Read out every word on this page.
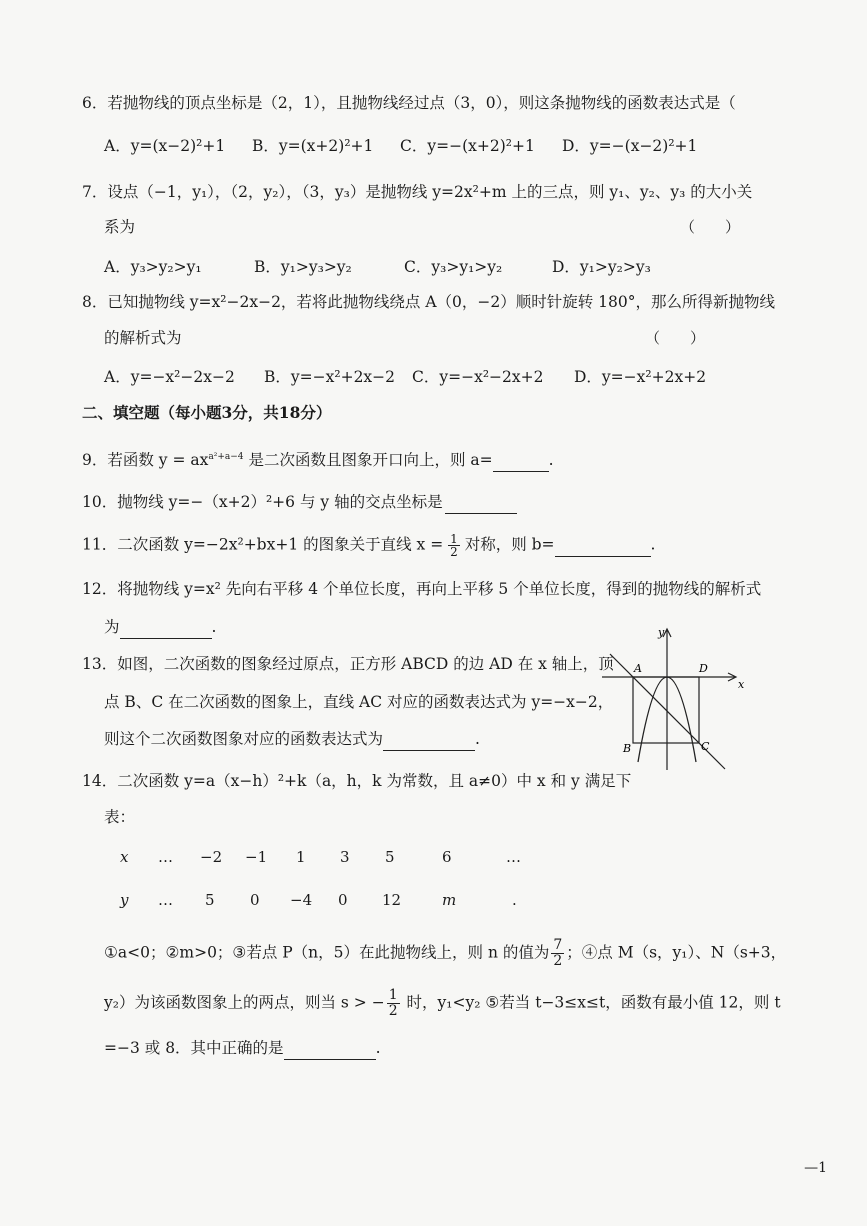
6．若抛物线的顶点坐标是（2，1），且抛物线经过点（3，0），则这条抛物线的函数表达式是（
A．y=(x−2)²+1	B．y=(x+2)²+1	C．y=−(x+2)²+1	D．y=−(x−2)²+1
7．设点（−1，y₁），（2，y₂），（3，y₃）是抛物线 y=2x²+m 上的三点，则 y₁、y₂、y₃ 的大小关
系为	（　　）
A．y₃>y₂>y₁	B．y₁>y₃>y₂	C．y₃>y₁>y₂	D．y₁>y₂>y₃
8．已知抛物线 y=x²−2x−2，若将此抛物线绕点 A（0，−2）顺时针旋转 180°，那么所得新抛物线
的解析式为	（　　）
A．y=−x²−2x−2	B．y=−x²+2x−2	C．y=−x²−2x+2	D．y=−x²+2x+2
二、填空题（每小题3分，共18分）
9．若函数 $y = ax^{a^2+a-4}$ 是二次函数且图象开口向上，则 a=	.
10．抛物线 y=−（x+2）²+6 与 y 轴的交点坐标是
11．二次函数 y=−2x²+bx+1 的图象关于直线 $x = \frac{1}{2}$ 对称，则 b=	.
12．将抛物线 y=x² 先向右平移 4 个单位长度，再向上平移 5 个单位长度，得到的抛物线的解析式
为	.
13．如图，二次函数的图象经过原点，正方形 ABCD 的边 AD 在 x 轴上，顶
点 B、C 在二次函数的图象上，直线 AC 对应的函数表达式为 y=−x−2，
则这个二次函数图象对应的函数表达式为	.
y
x
A	D
B	C
14．二次函数 y=a（x−h）²+k（a，h，k 为常数，且 a≠0）中 x 和 y 满足下
表：
x … −2 −1 1 3 5	6	…
y … 5 0 −4 0 12	m	.
①a<0；②m>0；③若点 P（n，5）在此抛物线上，则 n 的值为 $\frac{7}{2}$ ；④点 M（s，y₁）、N（s+3，
y₂）为该函数图象上的两点，则当 s > − $\frac{1}{2}$ 时，y₁<y₂ ⑤若当 t−3≤x≤t，函数有最小值 12，则 t
=−3 或 8．其中正确的是	.
—1
